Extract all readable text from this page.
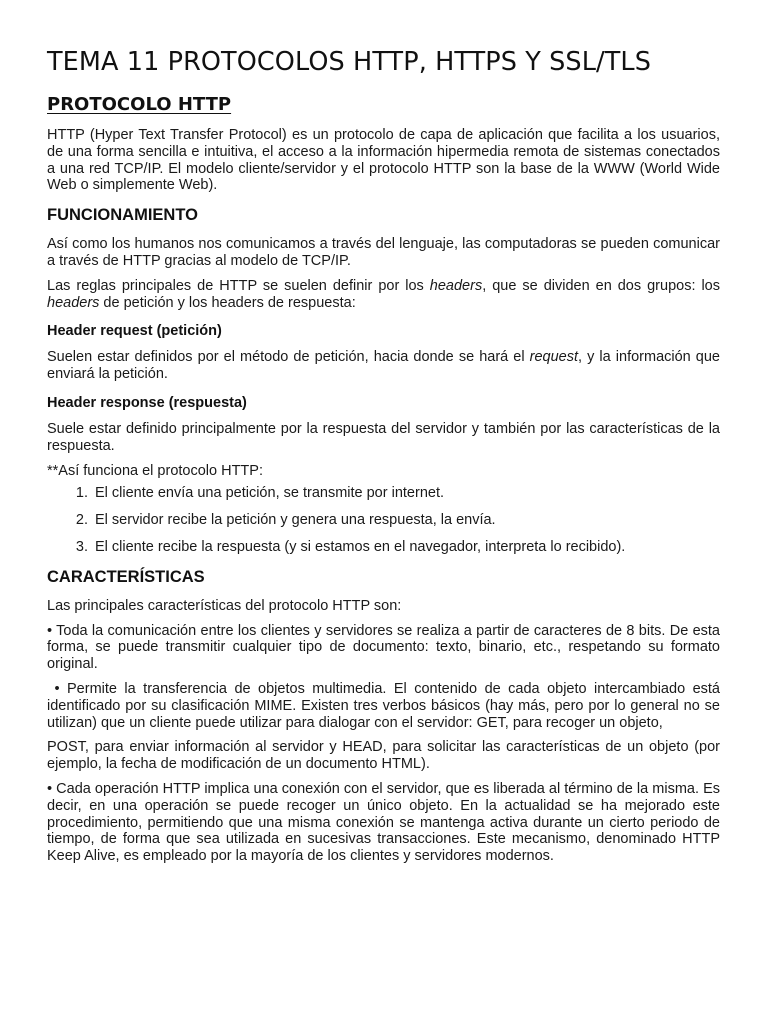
TEMA 11 PROTOCOLOS HTTP, HTTPS Y SSL/TLS
PROTOCOLO HTTP

HTTP (Hyper Text Transfer Protocol) es un protocolo de capa de aplicación que facilita a los usuarios, de una forma sencilla e intuitiva, el acceso a la información hipermedia remota de sistemas conectados a una red TCP/IP. El modelo cliente/servidor y el protocolo HTTP son la base de la WWW (World Wide Web o simplemente Web).

FUNCIONAMIENTO

Así como los humanos nos comunicamos a través del lenguaje, las computadoras se pueden comunicar a través de HTTP gracias al modelo de TCP/IP.

Las reglas principales de HTTP se suelen definir por los headers, que se dividen en dos grupos: los headers de petición y los headers de respuesta:

Header request (petición)

Suelen estar definidos por el método de petición, hacia donde se hará el request, y la información que enviará la petición.

Header response (respuesta)

Suele estar definido principalmente por la respuesta del servidor y también por las características de la respuesta.

**Así funciona el protocolo HTTP:

1. El cliente envía una petición, se transmite por internet.
2. El servidor recibe la petición y genera una respuesta, la envía.
3. El cliente recibe la respuesta (y si estamos en el navegador, interpreta lo recibido).
CARACTERÍSTICAS

Las principales características del protocolo HTTP son:

• Toda la comunicación entre los clientes y servidores se realiza a partir de caracteres de 8 bits. De esta forma, se puede transmitir cualquier tipo de documento: texto, binario, etc., respetando su formato original.

• Permite la transferencia de objetos multimedia. El contenido de cada objeto intercambiado está identificado por su clasificación MIME. Existen tres verbos básicos (hay más, pero por lo general no se utilizan) que un cliente puede utilizar para dialogar con el servidor: GET, para recoger un objeto,

POST, para enviar información al servidor y HEAD, para solicitar las características de un objeto (por ejemplo, la fecha de modificación de un documento HTML).

• Cada operación HTTP implica una conexión con el servidor, que es liberada al término de la misma. Es decir, en una operación se puede recoger un único objeto. En la actualidad se ha mejorado este procedimiento, permitiendo que una misma conexión se mantenga activa durante un cierto periodo de tiempo, de forma que sea utilizada en sucesivas transacciones. Este mecanismo, denominado HTTP Keep Alive, es empleado por la mayoría de los clientes y servidores modernos.
